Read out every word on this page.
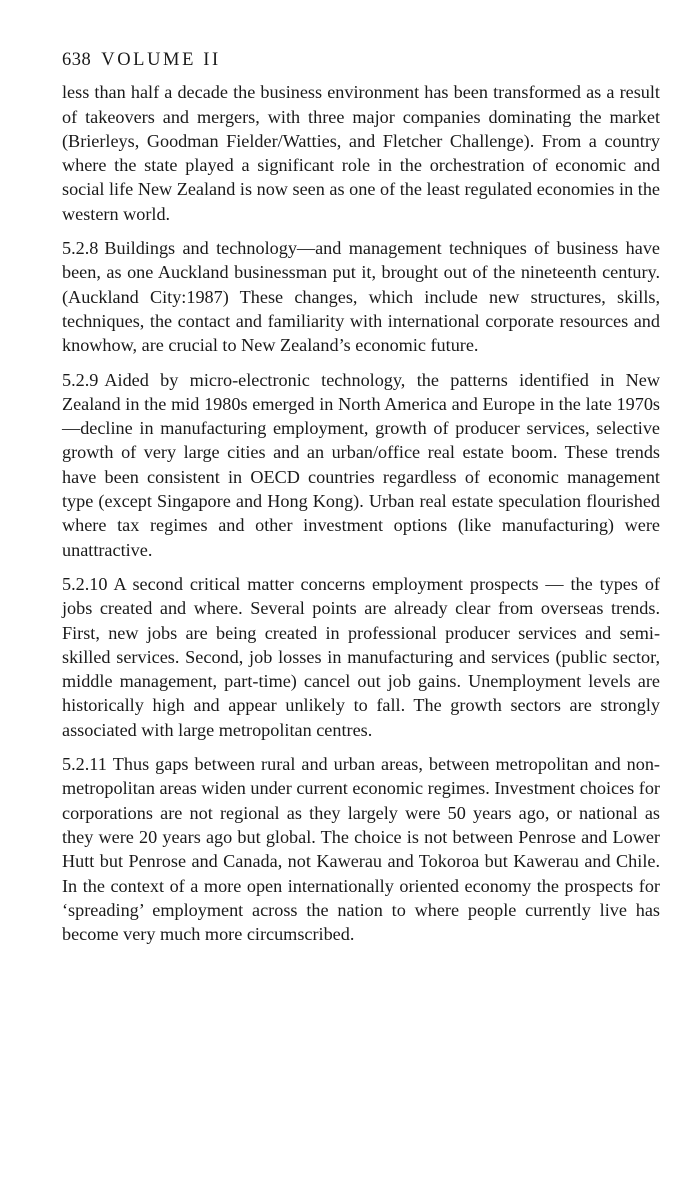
638 VOLUME II

less than half a decade the business environment has been transformed as a result of takeovers and mergers, with three major companies dominating the market (Brierleys, Goodman Fielder/Watties, and Fletcher Challenge). From a country where the state played a significant role in the orchestration of economic and social life New Zealand is now seen as one of the least regulated economies in the western world.

5.2.8 Buildings and technology—and management techniques of business have been, as one Auckland businessman put it, brought out of the nineteenth century. (Auckland City:1987) These changes, which include new structures, skills, techniques, the contact and familiarity with international corporate resources and knowhow, are crucial to New Zealand’s economic future.

5.2.9 Aided by micro-electronic technology, the patterns identified in New Zealand in the mid 1980s emerged in North America and Europe in the late 1970s —decline in manufacturing employment, growth of producer services, selective growth of very large cities and an urban/office real estate boom. These trends have been consistent in OECD countries regardless of economic management type (except Singapore and Hong Kong). Urban real estate speculation flourished where tax regimes and other investment options (like manufacturing) were unattractive.

5.2.10 A second critical matter concerns employment prospects — the types of jobs created and where. Several points are already clear from overseas trends. First, new jobs are being created in professional producer services and semi-skilled services. Second, job losses in manufacturing and services (public sector, middle management, part-time) cancel out job gains. Unemployment levels are historically high and appear unlikely to fall. The growth sectors are strongly associated with large metropolitan centres.

5.2.11 Thus gaps between rural and urban areas, between metropolitan and non-metropolitan areas widen under current economic regimes. Investment choices for corporations are not regional as they largely were 50 years ago, or national as they were 20 years ago but global. The choice is not between Penrose and Lower Hutt but Penrose and Canada, not Kawerau and Tokoroa but Kawerau and Chile. In the context of a more open internationally oriented economy the prospects for ‘spreading’ employment across the nation to where people currently live has become very much more circumscribed.
